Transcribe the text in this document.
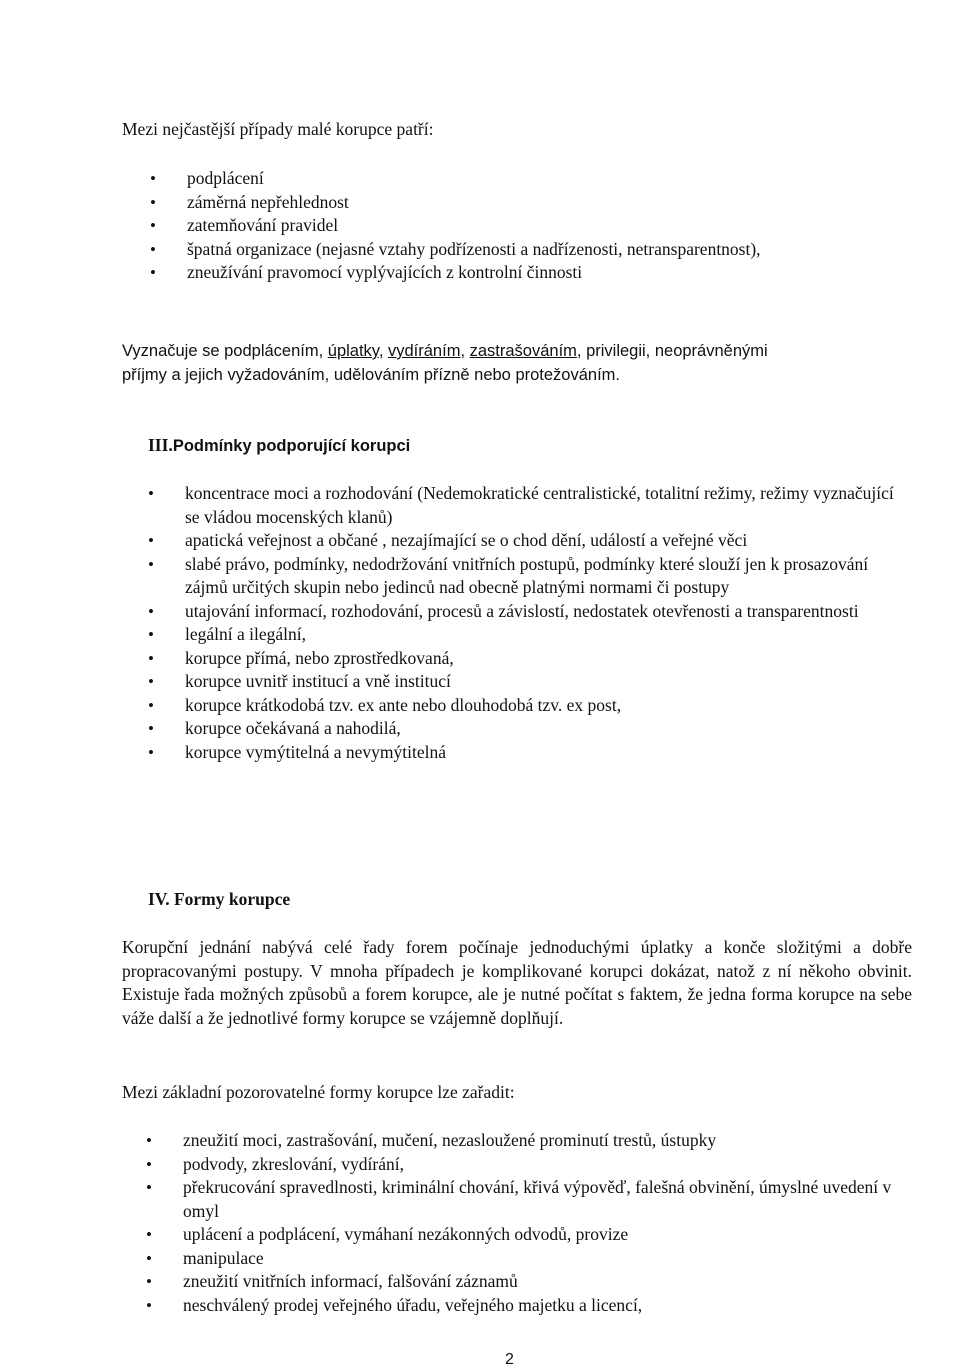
Mezi nejčastější případy malé korupce patří:

• podplácení
• záměrná nepřehlednost
• zatemňování pravidel
• špatná organizace (nejasné vztahy podřízenosti a nadřízenosti, netransparentnost),
• zneužívání pravomocí vyplývajících z kontrolní činnosti
Vyznačuje se podplácením, úplatky, vydíráním, zastrašováním, privilegii, neoprávněnými
příjmy a jejich vyžadováním, udělováním přízně nebo protežováním.
III.Podmínky podporující korupci
• koncentrace moci a rozhodování (Nedemokratické centralistické, totalitní režimy, režimy vyznačující se vládou mocenských klanů)
• apatická veřejnost a občané , nezajímající se o chod dění, událostí a veřejné věci
• slabé právo, podmínky, nedodržování vnitřních postupů, podmínky které slouží jen k prosazování zájmů určitých skupin nebo jedinců nad obecně platnými normami či postupy
• utajování informací, rozhodování, procesů a závislostí, nedostatek otevřenosti a transparentnosti
• legální a ilegální,
• korupce přímá, nebo zprostředkovaná,
• korupce uvnitř institucí a vně institucí
• korupce krátkodobá tzv. ex ante nebo dlouhodobá tzv. ex post,
• korupce očekávaná a nahodilá,
• korupce vymýtitelná a nevymýtitelná
IV. Formy korupce

Korupční jednání nabývá celé řady forem počínaje jednoduchými úplatky a konče složitými a dobře propracovanými postupy. V mnoha případech je komplikované korupci dokázat, natož z ní někoho obvinit. Existuje řada možných způsobů a forem korupce, ale je nutné počítat s faktem, že jedna forma korupce na sebe váže další a že jednotlivé formy korupce se vzájemně doplňují.

Mezi základní pozorovatelné formy korupce lze zařadit:

• zneužití moci, zastrašování, mučení, nezasloužené prominutí trestů, ústupky
• podvody, zkreslování, vydírání,
• překrucování spravedlnosti, kriminální chování, křivá výpověď, falešná obvinění, úmyslné uvedení v omyl
• uplácení a podplácení, vymáhaní nezákonných odvodů, provize
• manipulace
• zneužití vnitřních informací, falšování záznamů
• neschválený prodej veřejného úřadu, veřejného majetku a licencí,
2
